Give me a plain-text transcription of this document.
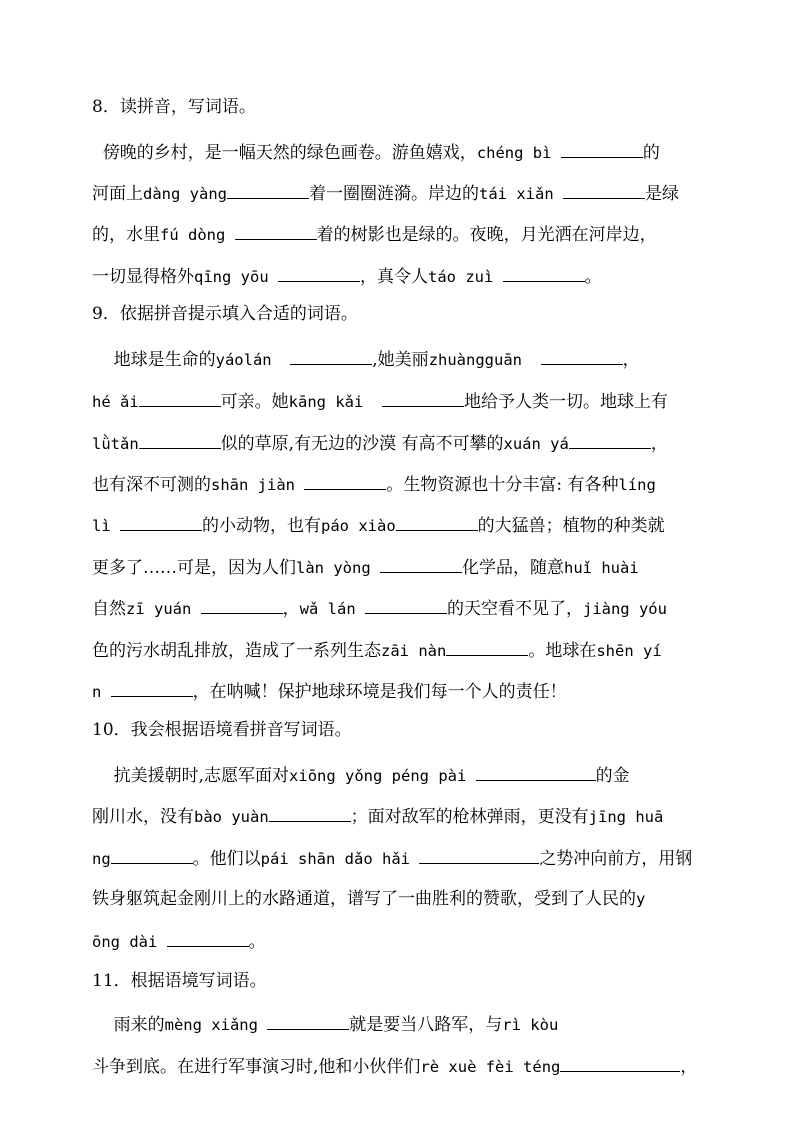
8．读拼音，写词语。
傍晚的乡村，是一幅天然的绿色画卷。游鱼嬉戏，chéng bì	的
河面上dàng yàng	着一圈圈涟漪。岸边的tái xiǎn	是绿
的，水里fú dòng	着的树影也是绿的。夜晚，月光洒在河岸边，
一切显得格外qīng yōu	，真令人táo zuì	。
9．依据拼音提示填入合适的词语。
地球是生命的yáolán	,她美丽zhuàngguān	，
hé ǎi	可亲。她kāng kǎi	地给予人类一切。地球上有
lǜtǎn	似的草原,有无边的沙漠 有高不可攀的xuán yá	，
也有深不可测的shān jiàn	。生物资源也十分丰富: 有各种líng
lì	的小动物，也有páo xiào	的大猛兽；植物的种类就
更多了……可是，因为人们làn yòng	化学品，随意huǐ huài
自然zī yuán	，wǎ lán	的天空看不见了，jiàng yóu
色的污水胡乱排放，造成了一系列生态zāi nàn	。地球在shēn yí
n	，在呐喊！保护地球环境是我们每一个人的责任！
10．我会根据语境看拼音写词语。
抗美援朝时,志愿军面对xiōng yǒng péng pài	的金
刚川水，没有bào yuàn	；面对敌军的枪林弹雨，更没有jīng huā
ng	。他们以pái shān dǎo hǎi	之势冲向前方，用钢
铁身躯筑起金刚川上的水路通道，谱写了一曲胜利的赞歌，受到了人民的y
ōng dài	。
11．根据语境写词语。
雨来的mèng xiǎng	就是要当八路军，与rì kòu
斗争到底。在进行军事演习时,他和小伙伴们rè xuè fèi téng	，
